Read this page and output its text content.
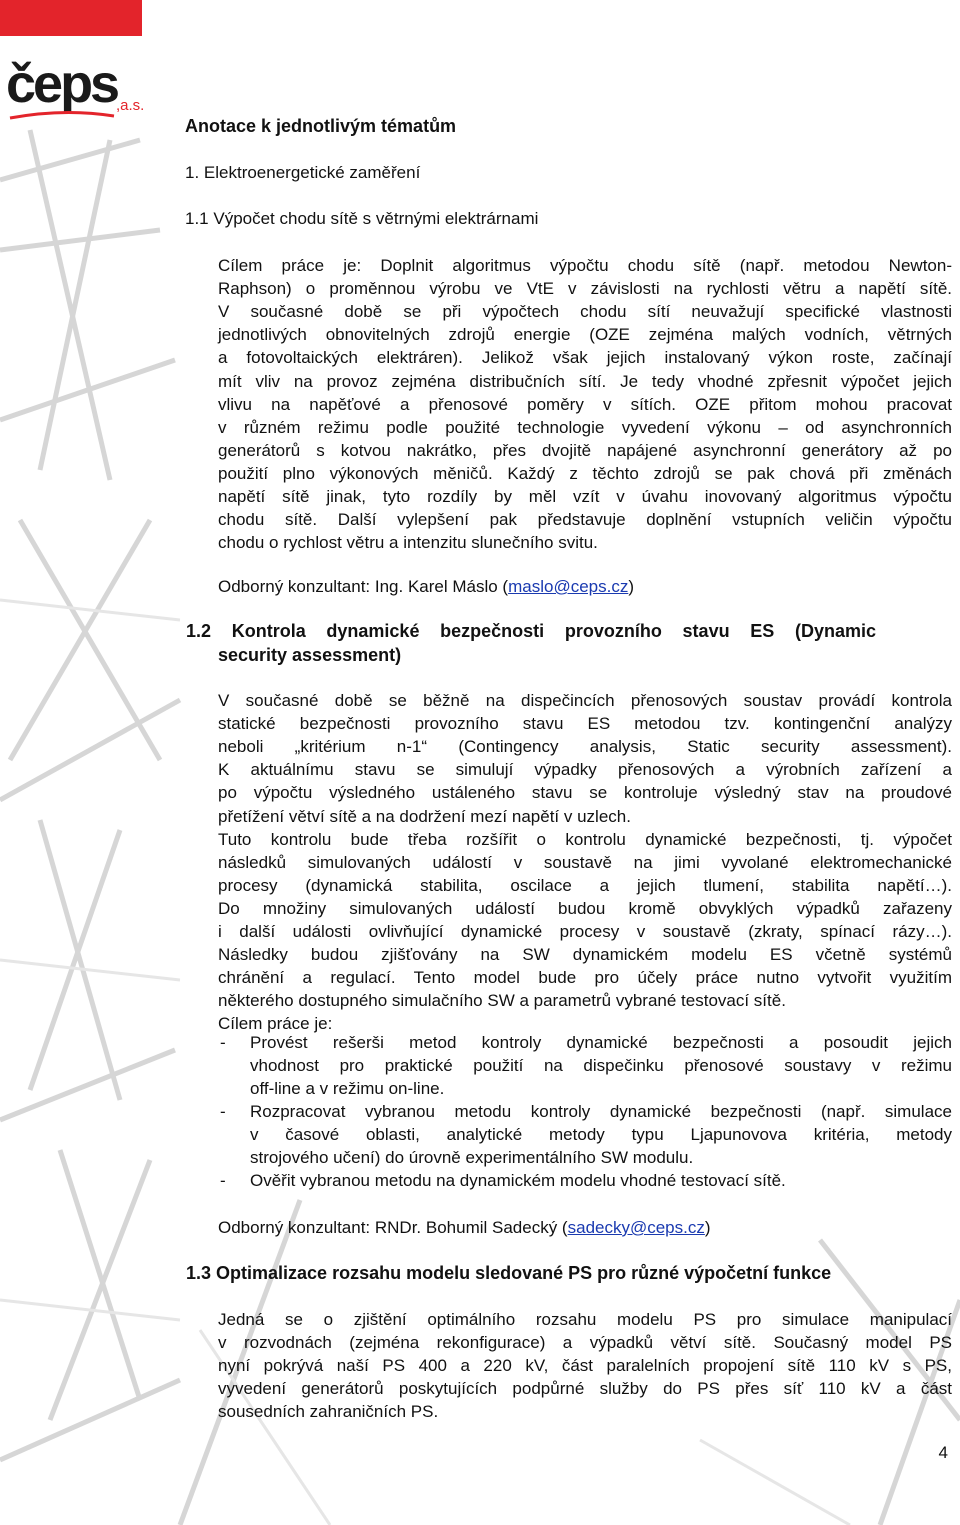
čeps
,a.s.
Anotace k jednotlivým tématům
1. Elektroenergetické zaměření
1.1 Výpočet chodu sítě s větrnými elektrárnami
Cílem práce je: Doplnit algoritmus výpočtu chodu sítě (např. metodou Newton-
Raphson) o proměnnou výrobu ve VtE v závislosti na rychlosti větru a napětí sítě.
V současné době se při výpočtech chodu sítí neuvažují specifické vlastnosti
jednotlivých obnovitelných zdrojů energie (OZE zejména malých vodních, větrných
a fotovoltaických elektráren). Jelikož však jejich instalovaný výkon roste, začínají
mít vliv na provoz zejména distribučních sítí. Je tedy vhodné zpřesnit výpočet jejich
vlivu na napěťové a přenosové poměry v sítích. OZE přitom mohou pracovat
v různém režimu podle použité technologie vyvedení výkonu – od asynchronních
generátorů s kotvou nakrátko, přes dvojitě napájené asynchronní generátory až po
použití plno výkonových měničů. Každý z těchto zdrojů se pak chová při změnách
napětí sítě jinak, tyto rozdíly by měl vzít v úvahu inovovaný algoritmus výpočtu
chodu sítě. Další vylepšení pak představuje doplnění vstupních veličin výpočtu
chodu o rychlost větru a intenzitu slunečního svitu.
Odborný konzultant: Ing. Karel Máslo (maslo@ceps.cz)
1.2 Kontrola dynamické bezpečnosti provozního stavu ES (Dynamic
security assessment)
V současné době se běžně na dispečincích přenosových soustav provádí kontrola
statické bezpečnosti provozního stavu ES metodou tzv. kontingenční analýzy
neboli „kritérium n-1“ (Contingency analysis, Static security assessment).
K aktuálnímu stavu se simulují výpadky přenosových a výrobních zařízení a
po výpočtu výsledného ustáleného stavu se kontroluje výsledný stav na proudové
přetížení větví sítě a na dodržení mezí napětí v uzlech.
Tuto kontrolu bude třeba rozšířit o kontrolu dynamické bezpečnosti, tj. výpočet
následků simulovaných událostí v soustavě na jimi vyvolané elektromechanické
procesy (dynamická stabilita, oscilace a jejich tlumení, stabilita napětí…).
Do množiny simulovaných událostí budou kromě obvyklých výpadků zařazeny
i další události ovlivňující dynamické procesy v soustavě (zkraty, spínací rázy…).
Následky budou zjišťovány na SW dynamickém modelu ES včetně systémů
chránění a regulací. Tento model bude pro účely práce nutno vytvořit využitím
některého dostupného simulačního SW a parametrů vybrané testovací sítě.
Cílem práce je:
- Provést rešerši metod kontroly dynamické bezpečnosti a posoudit jejich
vhodnost pro praktické použití na dispečinku přenosové soustavy v režimu
off-line a v režimu on-line.
- Rozpracovat vybranou metodu kontroly dynamické bezpečnosti (např. simulace
v časové oblasti, analytické metody typu Ljapunovova kritéria, metody
strojového učení) do úrovně experimentálního SW modulu.
- Ověřit vybranou metodu na dynamickém modelu vhodné testovací sítě.
Odborný konzultant: RNDr. Bohumil Sadecký (sadecky@ceps.cz)
1.3 Optimalizace rozsahu modelu sledované PS pro různé výpočetní funkce
Jedná se o zjištění optimálního rozsahu modelu PS pro simulace manipulací
v rozvodnách (zejména rekonfigurace) a výpadků větví sítě. Současný model PS
nyní pokrývá naší PS 400 a 220 kV, část paralelních propojení sítě 110 kV s PS,
vyvedení generátorů poskytujících podpůrné služby do PS přes síť 110 kV a část
sousedních zahraničních PS.
4
